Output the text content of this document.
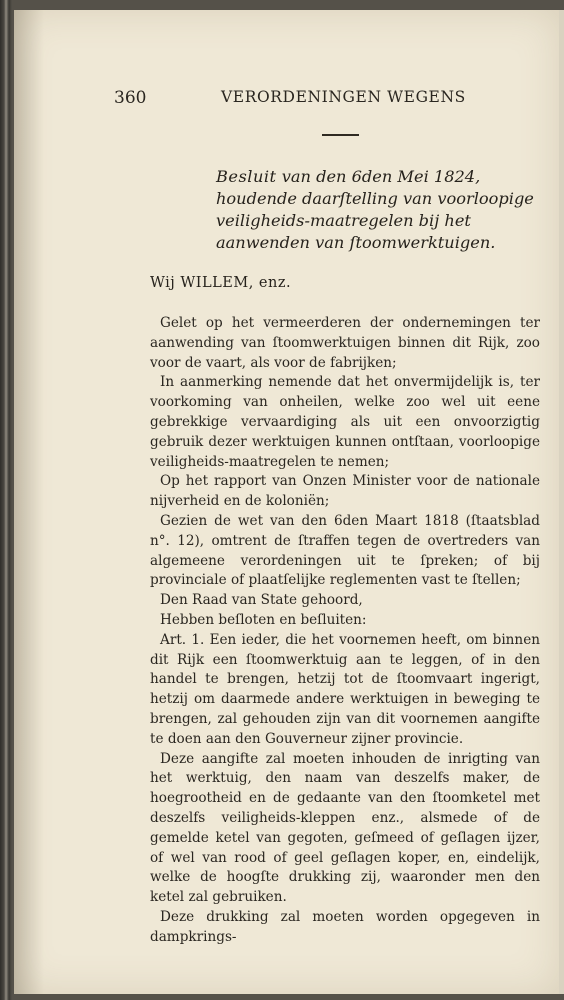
360	VERORDENINGEN WEGENS
Besluit van den 6den Mei 1824, houdende daarſtelling van voorloopige veiligheids-maatregelen bij het aanwenden van ſtoomwerktuigen.
Wij WILLEM, enz.

Gelet op het vermeerderen der ondernemingen ter aanwending van ſtoomwerktuigen binnen dit Rijk, zoo voor de vaart, als voor de fabrijken;

In aanmerking nemende dat het onvermijdelijk is, ter voorkoming van onheilen, welke zoo wel uit eene gebrekkige vervaardiging als uit een onvoorzigtig gebruik dezer werktuigen kunnen ontſtaan, voorloopige veiligheids-maatregelen te nemen;

Op het rapport van Onzen Minister voor de nationale nijverheid en de koloniën;

Gezien de wet van den 6den Maart 1818 (ſtaatsblad n°. 12), omtrent de ſtraffen tegen de overtreders van algemeene verordeningen uit te ſpreken; of bij provinciale of plaatſelijke reglementen vast te ſtellen;

Den Raad van State gehoord,

Hebben beſloten en beſluiten:

Art. 1. Een ieder, die het voornemen heeft, om binnen dit Rijk een ſtoomwerktuig aan te leggen, of in den handel te brengen, hetzij tot de ſtoomvaart ingerigt, hetzij om daarmede andere werktuigen in beweging te brengen, zal gehouden zijn van dit voornemen aangifte te doen aan den Gouverneur zijner provincie.

Deze aangifte zal moeten inhouden de inrigting van het werktuig, den naam van deszelfs maker, de hoegrootheid en de gedaante van den ſtoomketel met deszelfs veiligheids-kleppen enz., alsmede of de gemelde ketel van gegoten, geſmeed of geſlagen ijzer, of wel van rood of geel geſlagen koper, en, eindelijk, welke de hoogſte drukking zij, waaronder men den ketel zal gebruiken.

Deze drukking zal moeten worden opgegeven in dampkrings-
